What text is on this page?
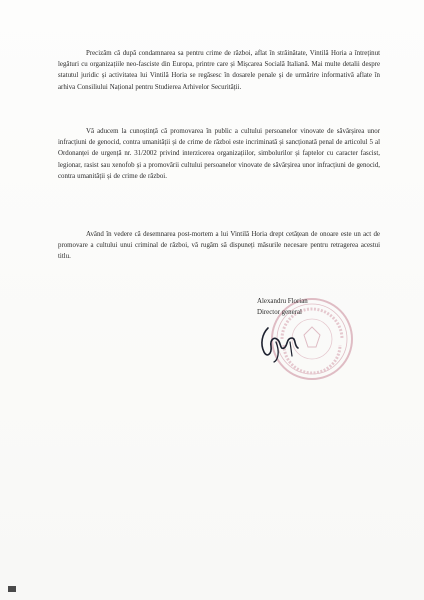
Precizăm că după condamnarea sa pentru crime de război, aflat în străinătate, Vintilă Horia a întreținut legături cu organizațiile neo-fasciste din Europa, printre care și Mișcarea Socială Italiană. Mai multe detalii despre statutul juridic și activitatea lui Vintilă Horia se regăsesc în dosarele penale și de urmărire informativă aflate în arhiva Consiliului Național pentru Studierea Arhivelor Securității.

Vă aducem la cunoștință că promovarea în public a cultului persoanelor vinovate de săvârșirea unor infracțiuni de genocid, contra umanității și de crime de război este incriminată și sancționată penal de articolul 5 al Ordonanței de urgență nr. 31/2002 privind interzicerea organizațiilor, simbolurilor și faptelor cu caracter fascist, legionar, rasist sau xenofob și a promovării cultului persoanelor vinovate de săvârșirea unor infracțiuni de genocid, contra umanității și de crime de război.

Având în vedere că desemnarea post-mortem a lui Vintilă Horia drept cetățean de onoare este un act de promovare a cultului unui criminal de război, vă rugăm să dispuneți măsurile necesare pentru retragerea acestui titlu.

Alexandru Florian
Director general
